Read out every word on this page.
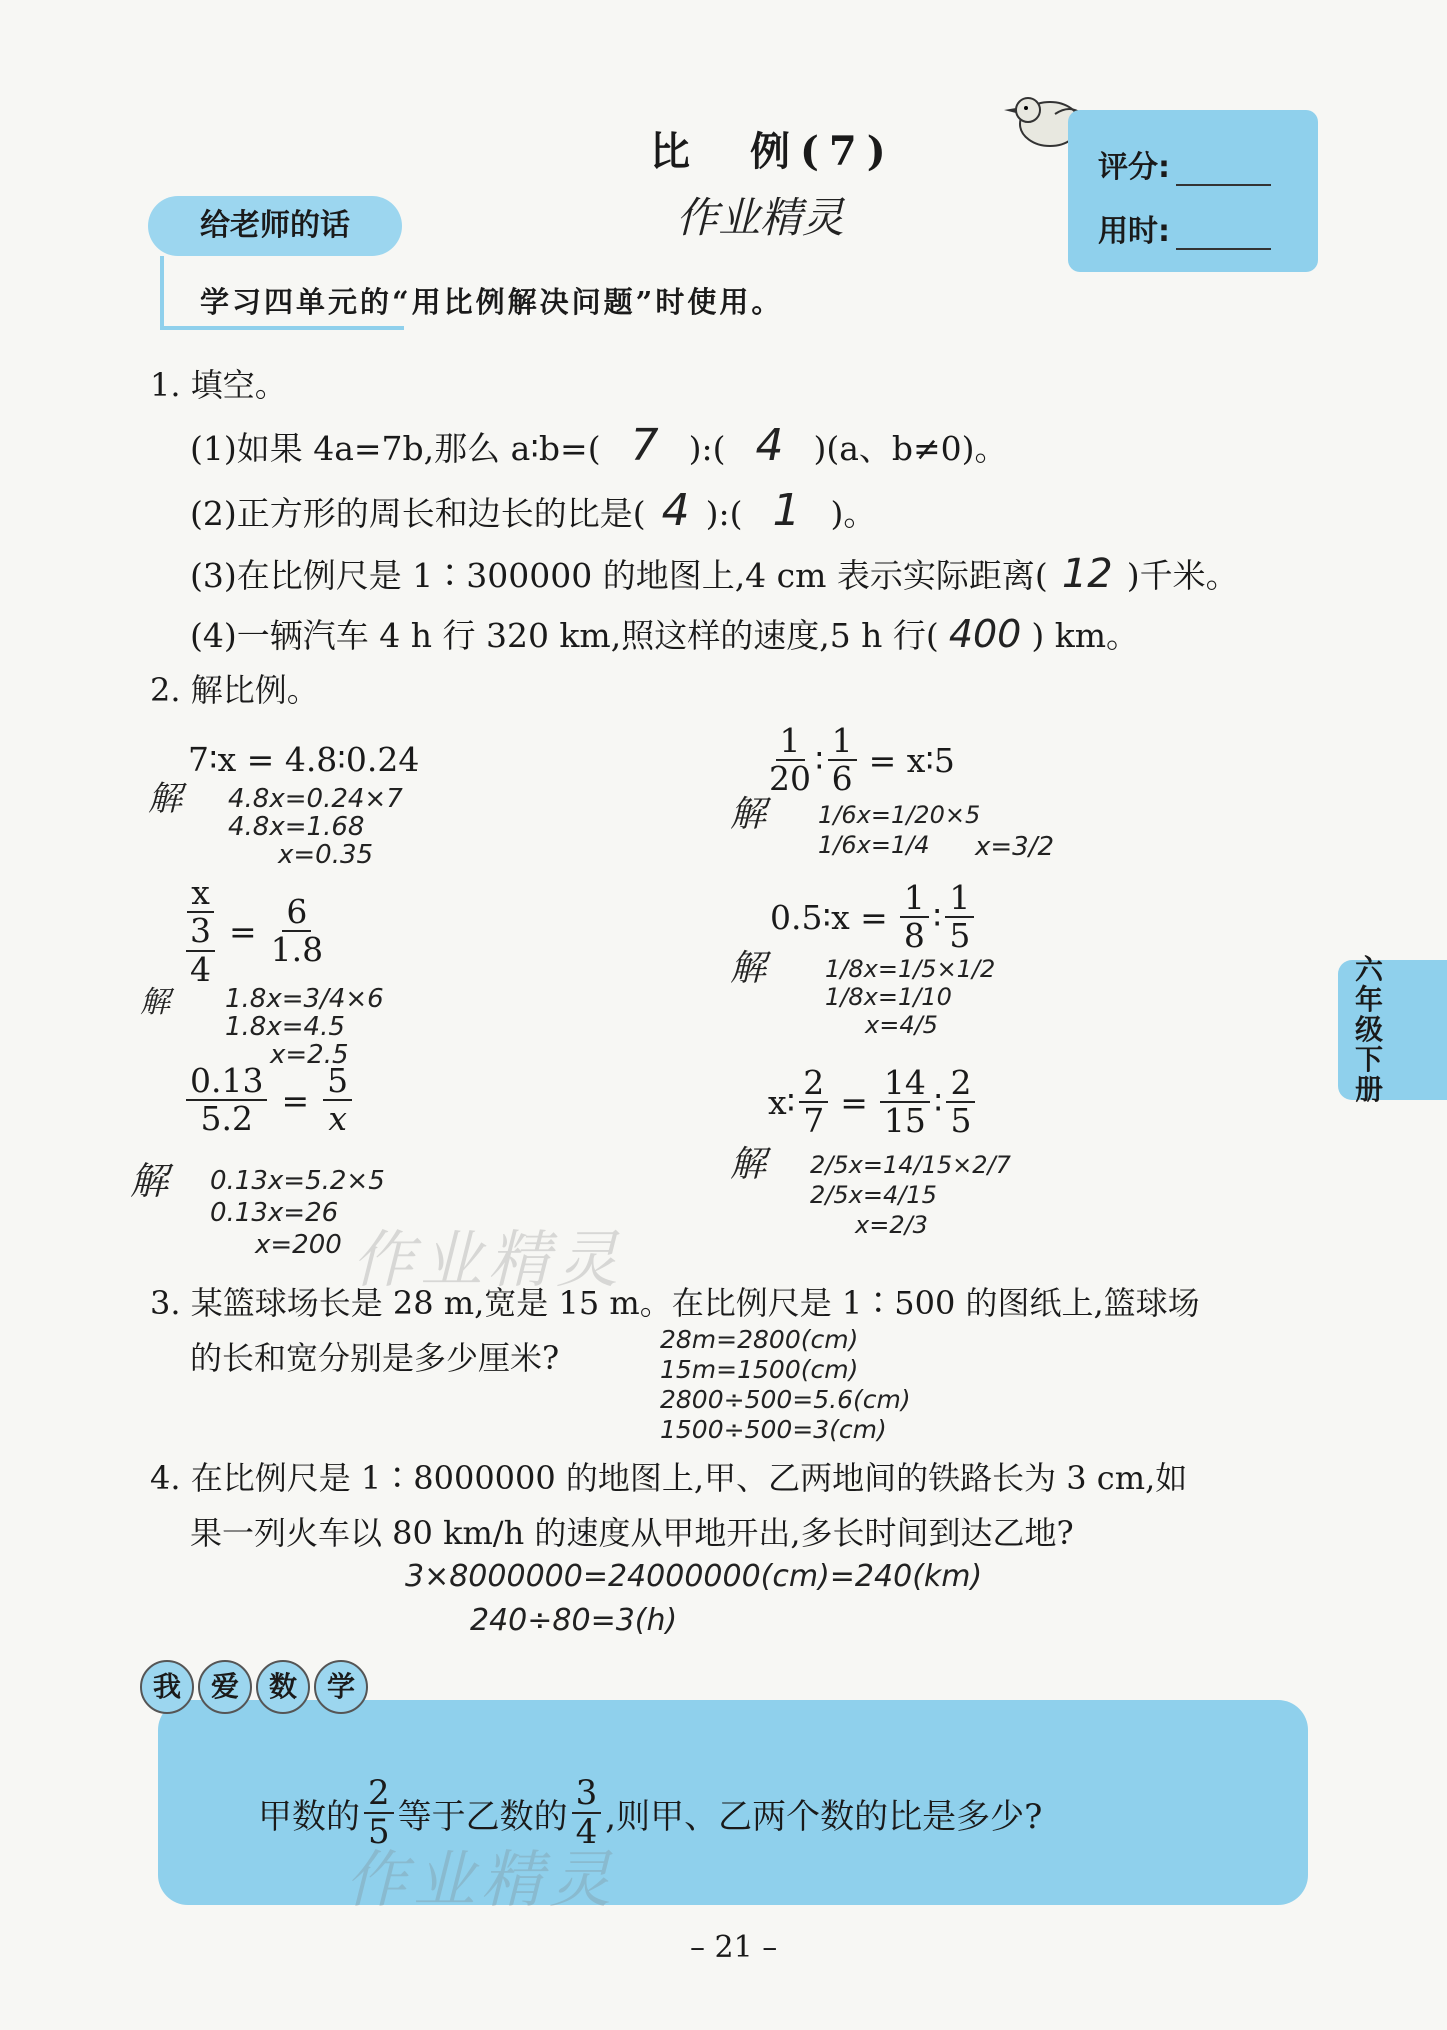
比　例(7)
作业精灵
评分:
用时:
给老师的话
学习四单元的“用比例解决问题”时使用。
1. 填空。
(1)如果 4a=7b,那么 a∶b=( 7 ):( 4 )(a、b≠0)。
(2)正方形的周长和边长的比是( 4 ):( 1 )。
(3)在比例尺是 1∶300000 的地图上,4 cm 表示实际距离( 12 )千米。
(4)一辆汽车 4 h 行 320 km,照这样的速度,5 h 行( 400 ) km。
2. 解比例。
7∶x = 4.8∶0.24
解 4.8x=0.24×7
4.8x=1.68
x=0.35
$\frac{x}{\frac{3}{4}} = \frac{6}{1.8}$
解 1.8x=3/4×6
1.8x=4.5
x=2.5
$\frac{0.13}{5.2} = \frac{5}{x}$
解 0.13x=5.2×5
0.13x=26
x=200
$\frac{1}{20}$ ∶ $\frac{1}{6}$ = x∶5
解 1/6x=1/20×5
1/6x=1/4	x=3/2
0.5∶x = $\frac{1}{8}$ ∶ $\frac{1}{5}$
解 1/8x=1/5×1/2
1/8x=1/10
x=4/5
x∶ $\frac{2}{7} = \frac{14}{15}$ ∶ $\frac{2}{5}$
解 2/5x=14/15×2/7
2/5x=4/15
x=2/3
作业精灵
3. 某篮球场长是 28 m,宽是 15 m。在比例尺是 1∶500 的图纸上,篮球场
的长和宽分别是多少厘米?	28m=2800(cm)
15m=1500(cm)
2800÷500=5.6(cm)
1500÷500=3(cm)
4. 在比例尺是 1∶8000000 的地图上,甲、乙两地间的铁路长为 3 cm,如
果一列火车以 80 km/h 的速度从甲地开出,多长时间到达乙地?
3×8000000=24000000(cm)=240(km)
240÷80=3(h)
我 爱 数 学
甲数的 $\frac{2}{5}$ 等于乙数的 $\frac{3}{4}$ ,则甲、乙两个数的比是多少?
作业精灵
六年级下册
– 21 –
